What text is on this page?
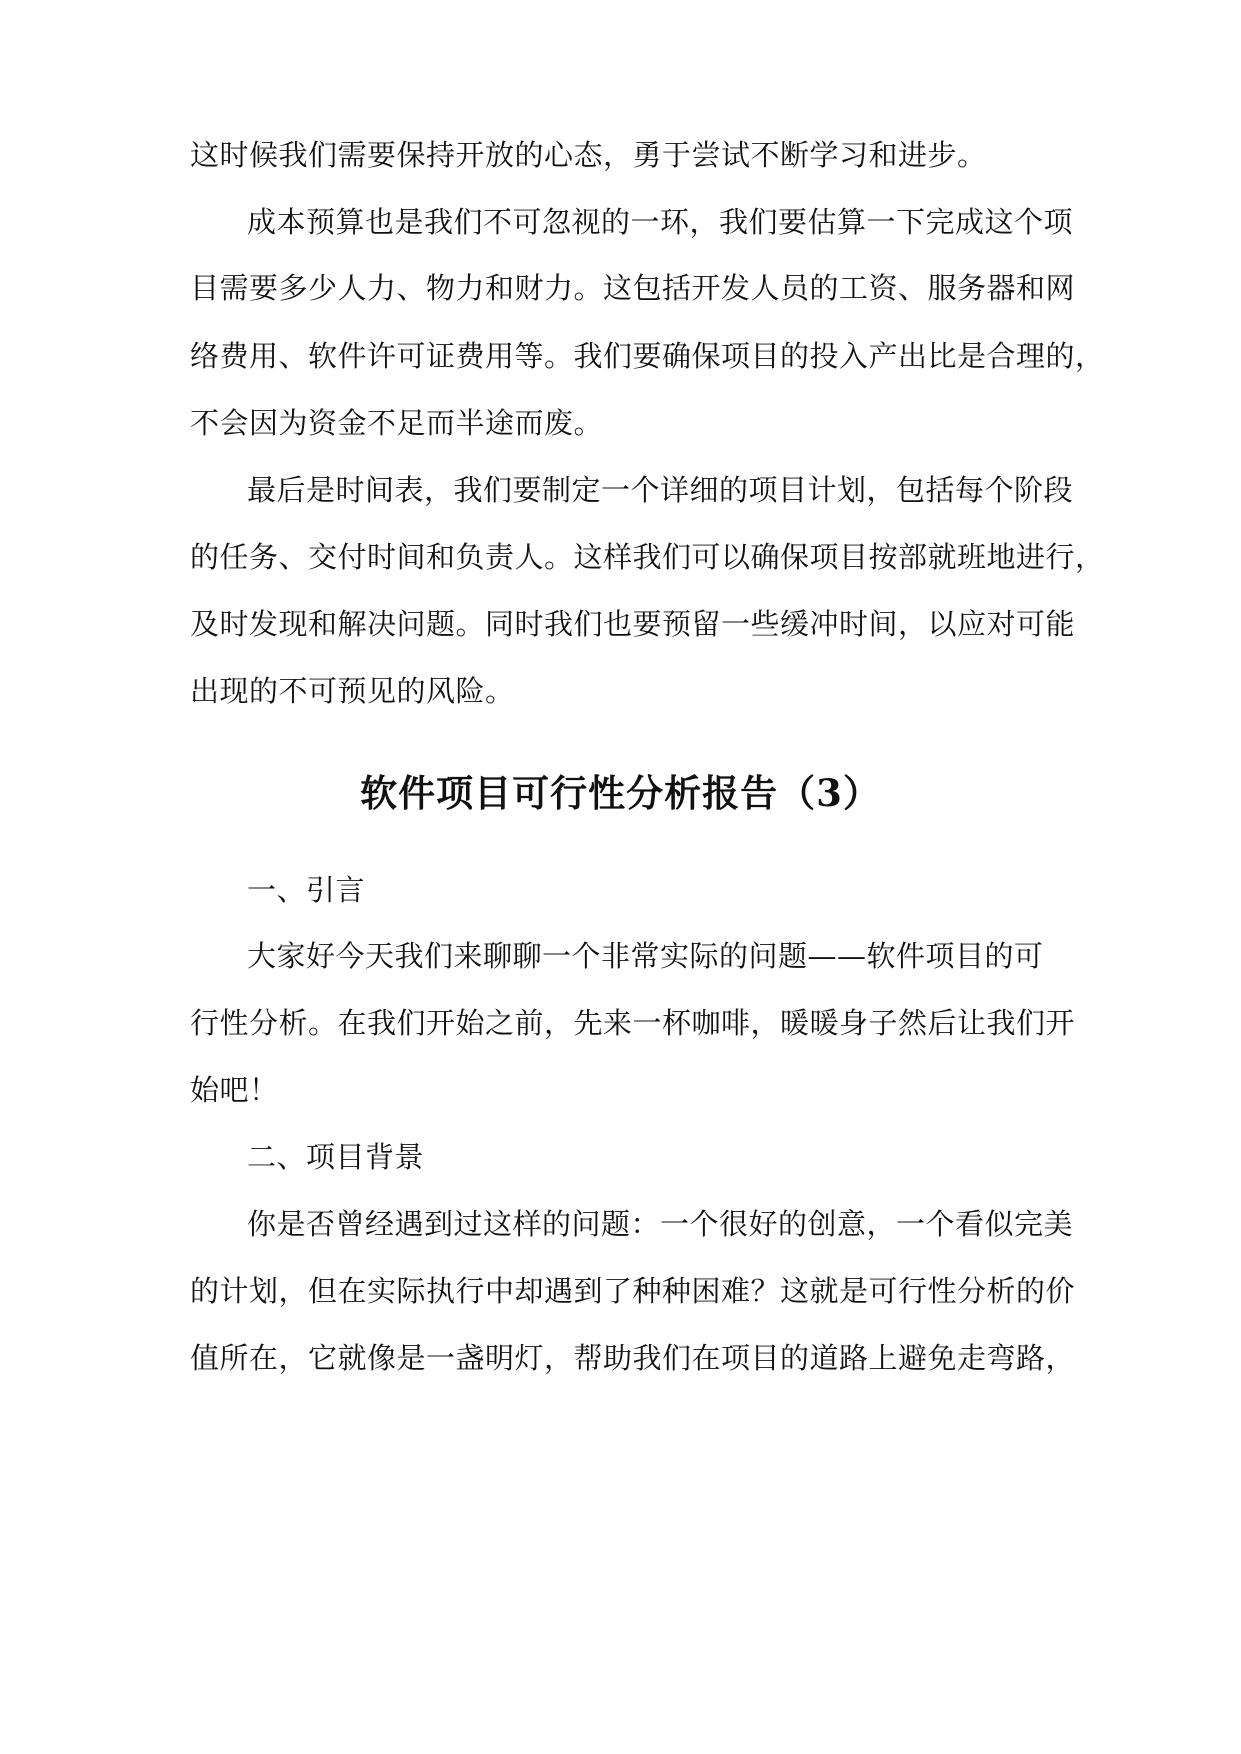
这时候我们需要保持开放的心态，勇于尝试不断学习和进步。
成本预算也是我们不可忽视的一环，我们要估算一下完成这个项
目需要多少人力、物力和财力。这包括开发人员的工资、服务器和网
络费用、软件许可证费用等。我们要确保项目的投入产出比是合理的，
不会因为资金不足而半途而废。
最后是时间表，我们要制定一个详细的项目计划，包括每个阶段
的任务、交付时间和负责人。这样我们可以确保项目按部就班地进行，
及时发现和解决问题。同时我们也要预留一些缓冲时间，以应对可能
出现的不可预见的风险。
软件项目可行性分析报告（3）
一、引言
大家好今天我们来聊聊一个非常实际的问题——软件项目的可
行性分析。在我们开始之前，先来一杯咖啡，暖暖身子然后让我们开
始吧！
二、项目背景
你是否曾经遇到过这样的问题：一个很好的创意，一个看似完美
的计划，但在实际执行中却遇到了种种困难？这就是可行性分析的价
值所在，它就像是一盏明灯，帮助我们在项目的道路上避免走弯路，
